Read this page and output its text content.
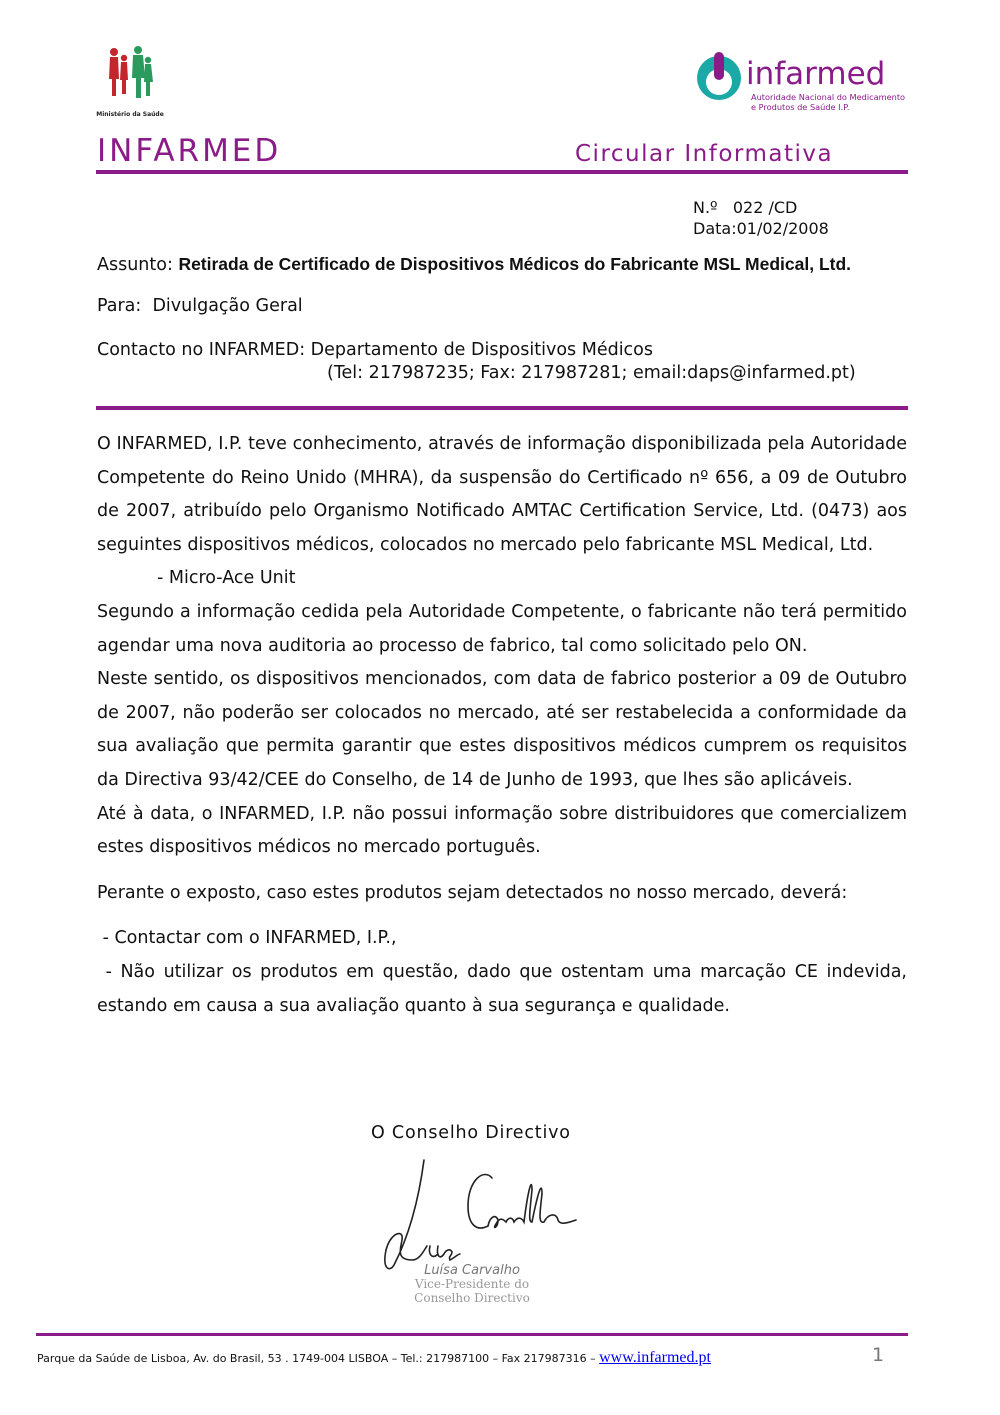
Ministério da Saúde
infarmed
Autoridade Nacional do Medicamento
e Produtos de Saúde I.P.
INFARMED	Circular Informativa
N.º 022 /CD
Data:01/02/2008
Assunto: Retirada de Certificado de Dispositivos Médicos do Fabricante MSL Medical, Ltd.
Para: Divulgação Geral
Contacto no INFARMED: Departamento de Dispositivos Médicos
(Tel: 217987235; Fax: 217987281; email:daps@infarmed.pt)

O INFARMED, I.P. teve conhecimento, através de informação disponibilizada pela Autoridade Competente do Reino Unido (MHRA), da suspensão do Certificado nº 656, a 09 de Outubro de 2007, atribuído pelo Organismo Notificado AMTAC Certification Service, Ltd. (0473) aos seguintes dispositivos médicos, colocados no mercado pelo fabricante MSL Medical, Ltd.

- Micro-Ace Unit

Segundo a informação cedida pela Autoridade Competente, o fabricante não terá permitido agendar uma nova auditoria ao processo de fabrico, tal como solicitado pelo ON.

Neste sentido, os dispositivos mencionados, com data de fabrico posterior a 09 de Outubro de 2007, não poderão ser colocados no mercado, até ser restabelecida a conformidade da sua avaliação que permita garantir que estes dispositivos médicos cumprem os requisitos da Directiva 93/42/CEE do Conselho, de 14 de Junho de 1993, que lhes são aplicáveis.

Até à data, o INFARMED, I.P. não possui informação sobre distribuidores que comercializem estes dispositivos médicos no mercado português.

Perante o exposto, caso estes produtos sejam detectados no nosso mercado, deverá:

- Contactar com o INFARMED, I.P.,

- Não utilizar os produtos em questão, dado que ostentam uma marcação CE indevida, estando em causa a sua avaliação quanto à sua segurança e qualidade.

O Conselho Directivo
Luísa Carvalho
Vice-Presidente do
Conselho Directivo
Parque da Saúde de Lisboa, Av. do Brasil, 53 . 1749-004 LISBOA – Tel.: 217987100 – Fax 217987316 – www.infarmed.pt	1
